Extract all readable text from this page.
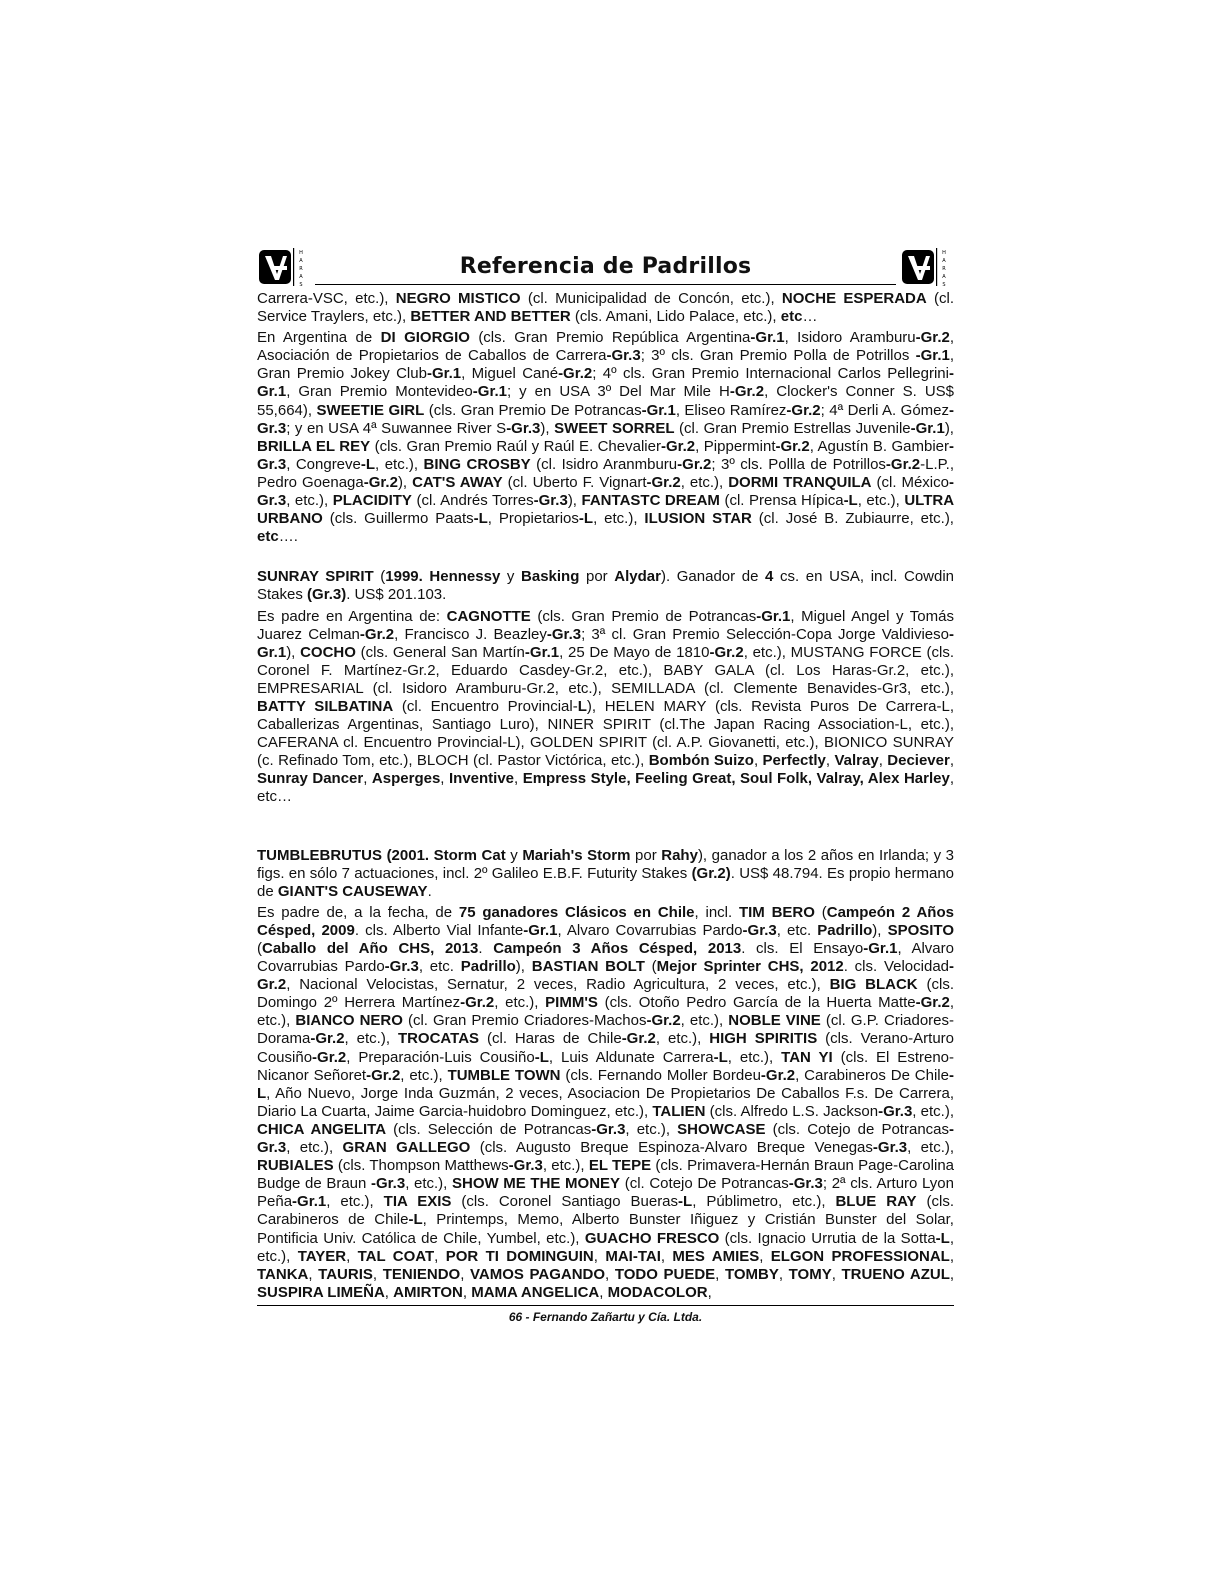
H
A
R
A
S
Referencia de Padrillos
H
A
R
A
S

Carrera-VSC, etc.), NEGRO MISTICO (cl. Municipalidad de Concón, etc.), NOCHE ESPERADA (cl. Service Traylers, etc.), BETTER AND BETTER (cls. Amani, Lido Palace, etc.), etc…

En Argentina de DI GIORGIO (cls. Gran Premio República Argentina-Gr.1, Isidoro Aramburu-Gr.2, Asociación de Propietarios de Caballos de Carrera-Gr.3; 3º cls. Gran Premio Polla de Potrillos -Gr.1, Gran Premio Jokey Club-Gr.1, Miguel Cané-Gr.2; 4º cls. Gran Premio Internacional Carlos Pellegrini-Gr.1, Gran Premio Montevideo-Gr.1; y en USA 3º Del Mar Mile H-Gr.2, Clocker's Conner S. US$ 55,664), SWEETIE GIRL (cls. Gran Premio De Potrancas-Gr.1, Eliseo Ramírez-Gr.2; 4ª Derli A. Gómez-Gr.3; y en USA 4ª Suwannee River S-Gr.3), SWEET SORREL (cl. Gran Premio Estrellas Juvenile-Gr.1), BRILLA EL REY (cls. Gran Premio Raúl y Raúl E. Chevalier-Gr.2, Pippermint-Gr.2, Agustín B. Gambier-Gr.3, Congreve-L, etc.), BING CROSBY (cl. Isidro Aranmburu-Gr.2; 3º cls. Pollla de Potrillos-Gr.2-L.P., Pedro Goenaga-Gr.2), CAT'S AWAY (cl. Uberto F. Vignart-Gr.2, etc.), DORMI TRANQUILA (cl. México-Gr.3, etc.), PLACIDITY (cl. Andrés Torres-Gr.3), FANTASTC DREAM (cl. Prensa Hípica-L, etc.), ULTRA URBANO (cls. Guillermo Paats-L, Propietarios-L, etc.), ILUSION STAR (cl. José B. Zubiaurre, etc.), etc….

SUNRAY SPIRIT (1999. Hennessy y Basking por Alydar). Ganador de 4 cs. en USA, incl. Cowdin Stakes (Gr.3). US$ 201.103.

Es padre en Argentina de: CAGNOTTE (cls. Gran Premio de Potrancas-Gr.1, Miguel Angel y Tomás Juarez Celman-Gr.2, Francisco J. Beazley-Gr.3; 3ª cl. Gran Premio Selección-Copa Jorge Valdivieso-Gr.1), COCHO (cls. General San Martín-Gr.1, 25 De Mayo de 1810-Gr.2, etc.), MUSTANG FORCE (cls. Coronel F. Martínez-Gr.2, Eduardo Casdey-Gr.2, etc.), BABY GALA (cl. Los Haras-Gr.2, etc.), EMPRESARIAL (cl. Isidoro Aramburu-Gr.2, etc.), SEMILLADA (cl. Clemente Benavides-Gr3, etc.), BATTY SILBATINA (cl. Encuentro Provincial-L), HELEN MARY (cls. Revista Puros De Carrera-L, Caballerizas Argentinas, Santiago Luro), NINER SPIRIT (cl.The Japan Racing Association-L, etc.), CAFERANA cl. Encuentro Provincial-L), GOLDEN SPIRIT (cl. A.P. Giovanetti, etc.), BIONICO SUNRAY (c. Refinado Tom, etc.), BLOCH (cl. Pastor Victórica, etc.), Bombón Suizo, Perfectly, Valray, Deciever, Sunray Dancer, Asperges, Inventive, Empress Style, Feeling Great, Soul Folk, Valray, Alex Harley, etc…

TUMBLEBRUTUS (2001. Storm Cat y Mariah's Storm por Rahy), ganador a los 2 años en Irlanda; y 3 figs. en sólo 7 actuaciones, incl. 2º Galileo E.B.F. Futurity Stakes (Gr.2). US$ 48.794. Es propio hermano de GIANT'S CAUSEWAY.

Es padre de, a la fecha, de 75 ganadores Clásicos en Chile, incl. TIM BERO (Campeón 2 Años Césped, 2009. cls. Alberto Vial Infante-Gr.1, Alvaro Covarrubias Pardo-Gr.3, etc. Padrillo), SPOSITO (Caballo del Año CHS, 2013. Campeón 3 Años Césped, 2013. cls. El Ensayo-Gr.1, Alvaro Covarrubias Pardo-Gr.3, etc. Padrillo), BASTIAN BOLT (Mejor Sprinter CHS, 2012. cls. Velocidad-Gr.2, Nacional Velocistas, Sernatur, 2 veces, Radio Agricultura, 2 veces, etc.), BIG BLACK (cls. Domingo 2º Herrera Martínez-Gr.2, etc.), PIMM'S (cls. Otoño Pedro García de la Huerta Matte-Gr.2, etc.), BIANCO NERO (cl. Gran Premio Criadores-Machos-Gr.2, etc.), NOBLE VINE (cl. G.P. Criadores-Dorama-Gr.2, etc.), TROCATAS (cl. Haras de Chile-Gr.2, etc.), HIGH SPIRITIS (cls. Verano-Arturo Cousiño-Gr.2, Preparación-Luis Cousiño-L, Luis Aldunate Carrera-L, etc.), TAN YI (cls. El Estreno-Nicanor Señoret-Gr.2, etc.), TUMBLE TOWN (cls. Fernando Moller Bordeu-Gr.2, Carabineros De Chile-L, Año Nuevo, Jorge Inda Guzmán, 2 veces, Asociacion De Propietarios De Caballos F.s. De Carrera, Diario La Cuarta, Jaime Garcia-huidobro Dominguez, etc.), TALIEN (cls. Alfredo L.S. Jackson-Gr.3, etc.), CHICA ANGELITA (cls. Selección de Potrancas-Gr.3, etc.), SHOWCASE (cls. Cotejo de Potrancas-Gr.3, etc.), GRAN GALLEGO (cls. Augusto Breque Espinoza-Alvaro Breque Venegas-Gr.3, etc.), RUBIALES (cls. Thompson Matthews-Gr.3, etc.), EL TEPE (cls. Primavera-Hernán Braun Page-Carolina Budge de Braun -Gr.3, etc.), SHOW ME THE MONEY (cl. Cotejo De Potrancas-Gr.3; 2ª cls. Arturo Lyon Peña-Gr.1, etc.), TIA EXIS (cls. Coronel Santiago Bueras-L, Públimetro, etc.), BLUE RAY (cls. Carabineros de Chile-L, Printemps, Memo, Alberto Bunster Iñiguez y Cristián Bunster del Solar, Pontificia Univ. Católica de Chile, Yumbel, etc.), GUACHO FRESCO (cls. Ignacio Urrutia de la Sotta-L, etc.), TAYER, TAL COAT, POR TI DOMINGUIN, MAI-TAI, MES AMIES, ELGON PROFESSIONAL, TANKA, TAURIS, TENIENDO, VAMOS PAGANDO, TODO PUEDE, TOMBY, TOMY, TRUENO AZUL, SUSPIRA LIMEÑA, AMIRTON, MAMA ANGELICA, MODACOLOR,

66 - Fernando Zañartu y Cía. Ltda.
